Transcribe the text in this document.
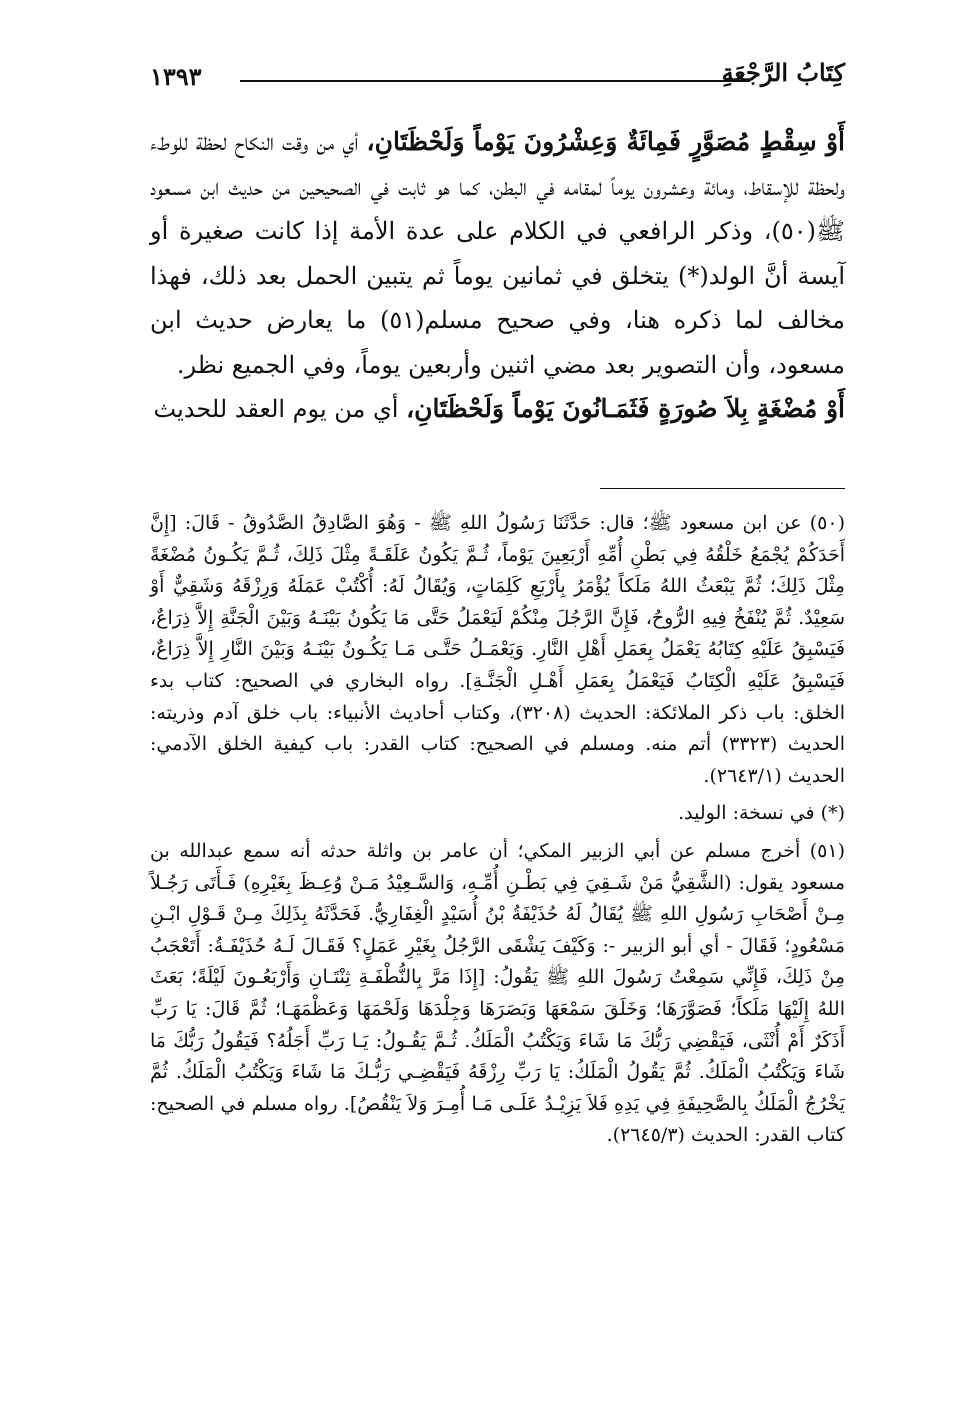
١٣٩٣	كِتَابُ الرَّجْعَةِ

أَوْ سِقْطٍ مُصَوَّرٍ فَمِائَةٌ وَعِشْرُونَ يَوْماً وَلَحْظَتَانِ، أي من وقت النكاح لحظة للوطء ولحظة للإسقاط، ومائة وعشرون يوماً لمقامه في البطن، كما هو ثابت في الصحيحين من حديث ابن مسعود ﷺ(٥٠)، وذكر الرافعي في الكلام على عدة الأمة إذا كانت صغيرة أو آيسة أنَّ الولد(*) يتخلق في ثمانين يوماً ثم يتبين الحمل بعد ذلك، فهذا مخالف لما ذكره هنا، وفي صحيح مسلم(٥١) ما يعارض حديث ابن مسعود، وأن التصوير بعد مضي اثنين وأربعين يوماً، وفي الجميع نظر.

أَوْ مُضْغَةٍ بِلاَ صُورَةٍ فَثَمَـانُونَ يَوْماً وَلَحْظَتَانِ، أي من يوم العقد للحديث

(٥٠) عن ابن مسعود ﷺ؛ قال: حَدَّثَنَا رَسُولُ اللهِ ﷺ - وَهُوَ الصَّادِقُ الصَّدُوقُ - قَالَ: [إِنَّ أَحَدَكُمْ يُجْمَعُ خَلْقُهُ فِي بَطْنِ أُمِّهِ أَرْبَعِينَ يَوْماً، ثُـمَّ يَكُونُ عَلَقَـةً مِثْلَ ذَلِكَ، ثُـمَّ يَكُـونُ مُضْغَةً مِثْلَ ذَلِكَ؛ ثُمَّ يَبْعَثُ اللهُ مَلَكاً يُؤْمَرُ بِأَرْبَعِ كَلِمَاتٍ، وَيُقَالُ لَهُ: أُكْتُبْ عَمَلَهُ وَرِزْقَهُ وَشَقِيٌّ أَوْ سَعِيْدٌ. ثُمَّ يُنْفَخُ فِيهِ الرُّوحُ، فَإِنَّ الرَّجُلَ مِنْكُمْ لَيَعْمَلُ حَتَّى مَا يَكُونُ بَيْنَـهُ وَبَيْنَ الْجَنَّةِ إِلاَّ ذِرَاعٌ، فَيَسْبِقُ عَلَيْهِ كِتَابُهُ يَعْمَلُ بِعَمَلِ أَهْلِ النَّارِ. وَيَعْمَـلُ حَتَّـى مَـا يَكُـونُ بَيْنَـهُ وَبَيْنَ النَّارِ إِلاَّ ذِرَاعٌ، فَيَسْبِقُ عَلَيْهِ الْكِتَابُ فَيَعْمَلُ بِعَمَلِ أَهْـلِ الْجَنَّـةِ]. رواه البخاري في الصحيح: كتاب بدء الخلق: باب ذكر الملائكة: الحديث (٣٢٠٨)، وكتاب أحاديث الأنبياء: باب خلق آدم وذريته: الحديث (٣٣٢٣) أتم منه. ومسلم في الصحيح: كتاب القدر: باب كيفية الخلق الآدمي: الحديث (٢٦٤٣/١).

(*) في نسخة: الوليد.

(٥١) أخرج مسلم عن أبي الزبير المكي؛ أن عامر بن واثلة حدثه أنه سمع عبدالله بن مسعود يقول: (الشَّقِيُّ مَنْ شَـقِيَ فِي بَطْـنِ أُمِّـهِ، وَالسَّـعِيْدُ مَـنْ وُعِـظَ بِغَيْرِهِ) فَـأَتَى رَجُـلاً مِـنْ أَصْحَابِ رَسُولِ اللهِ ﷺ يُقَالُ لَهُ حُذَيْفَةُ بْنُ أُسَيْدٍ الْغِفَارِيُّ. فَحَدَّثَهُ بِذَلِكَ مِـنْ قَـوْلِ ابْـنِ مَسْعُودٍ؛ فَقَالَ - أي أبو الزبير -: وَكَيْفَ يَشْقَى الرَّجُلُ بِغَيْرِ عَمَلٍ؟ فَقَـالَ لَـهُ حُذَيْفَـةُ: أَتَعْجَبُ مِنْ ذَلِكَ، فَإِنِّي سَمِعْتُ رَسُولَ اللهِ ﷺ يَقُولُ: [إِذَا مَرَّ بِالنُّطْفَـةِ ثِنْتَـانِ وَأَرْبَعُـونَ لَيْلَةً؛ بَعَثَ اللهُ إِلَيْهَا مَلَكاً؛ فَصَوَّرَهَا؛ وَخَلَقَ سَمْعَهَا وَبَصَرَهَا وَجِلْدَهَا وَلَحْمَهَا وَعَظْمَهَـا؛ ثُمَّ قَالَ: يَا رَبِّ أَذَكَرٌ أَمْ أُنْثَى، فَيَقْضِي رَبُّكَ مَا شَاءَ وَيَكْتُبُ الْمَلَكُ. ثُـمَّ يَقُـولُ: يَـا رَبِّ أَجَلُهُ؟ فَيَقُولُ رَبُّكَ مَا شَاءَ وَيَكْتُبُ الْمَلَكُ. ثُمَّ يَقُولُ الْمَلَكُ: يَا رَبِّ رِزْقَهُ فَيَقْضِـي رَبُّـكَ مَا شَاءَ وَيَكْتُبُ الْمَلَكُ. ثُمَّ يَخْرُجُ الْمَلَكُ بِالصَّحِيفَةِ فِي يَدِهِ فَلاَ يَزِيْـدُ عَلَـى مَـا أُمِـرَ وَلاَ يَنْقُصُ]. رواه مسلم في الصحيح: كتاب القدر: الحديث (٢٦٤٥/٣).
